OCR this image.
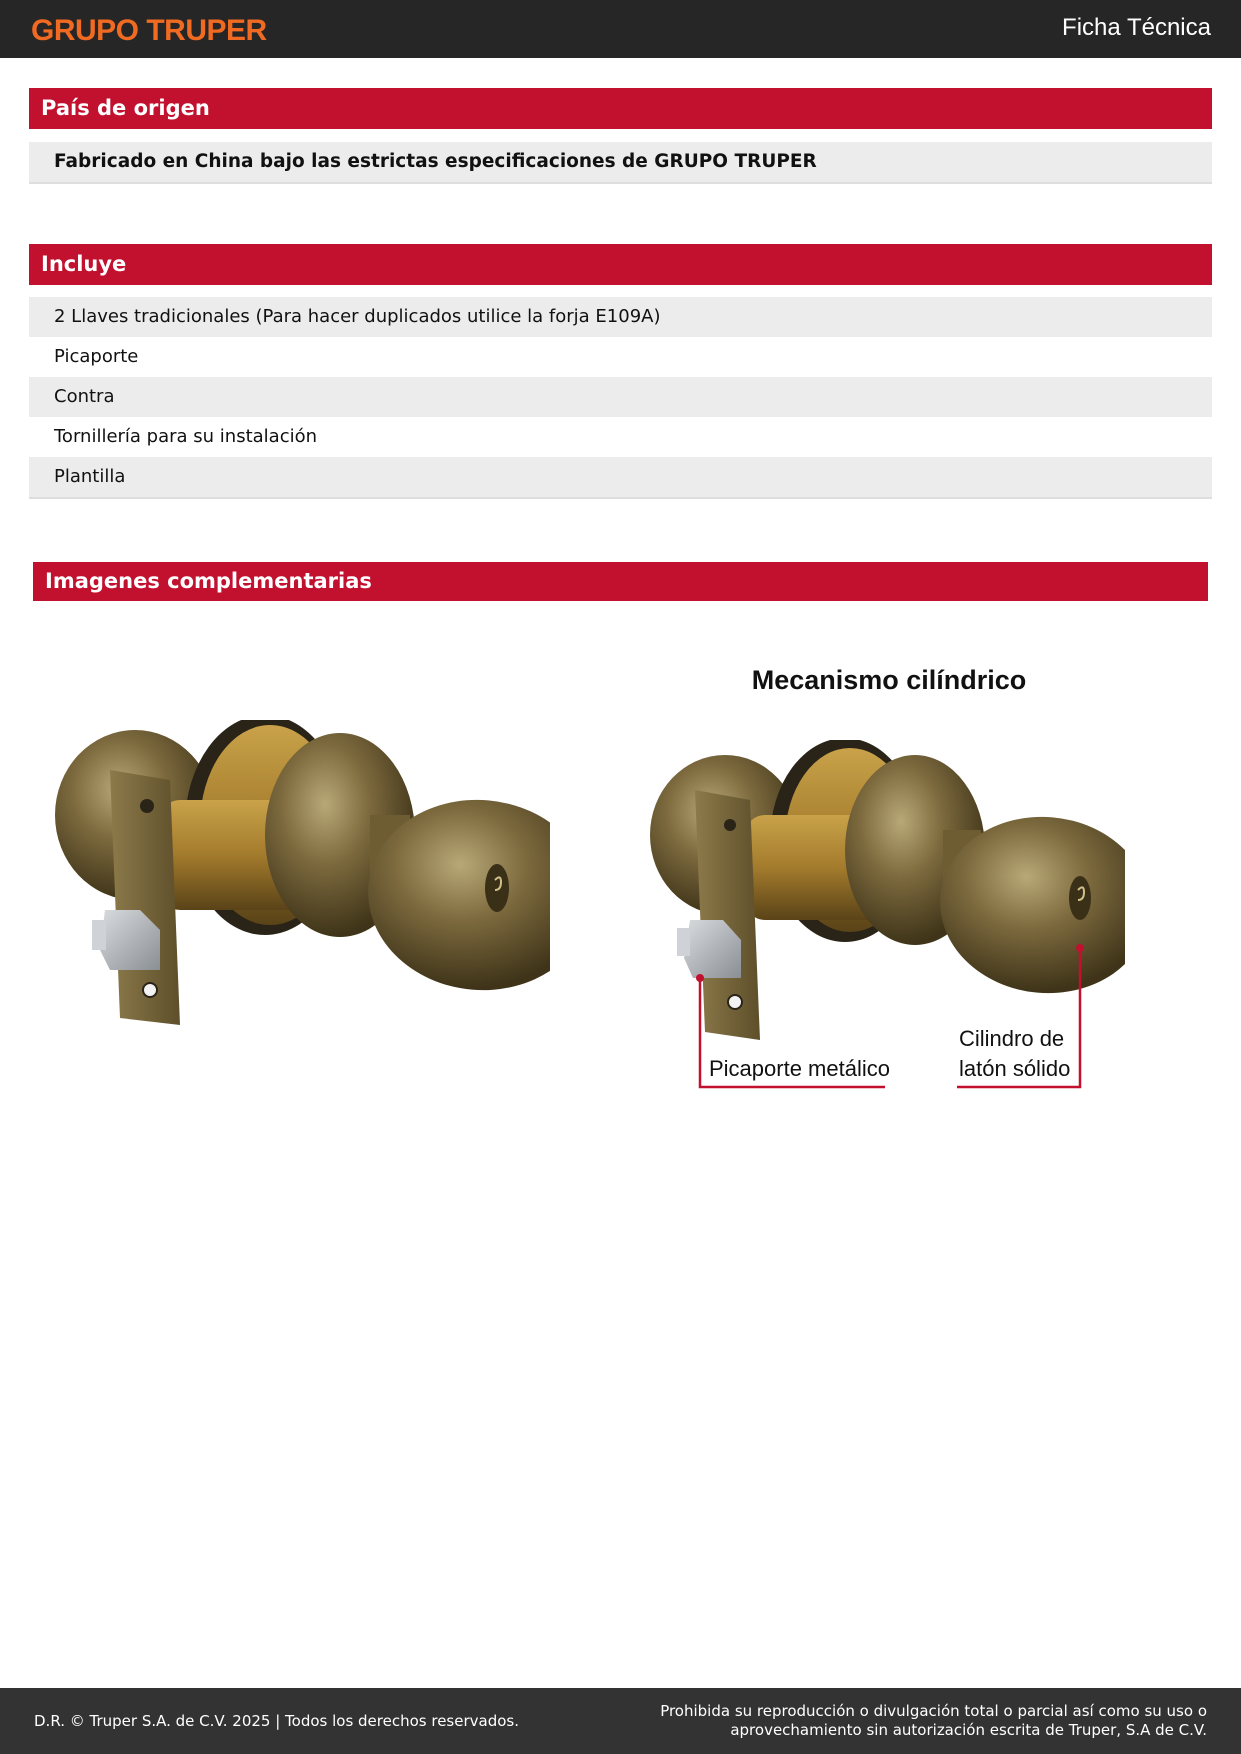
GRUPO TRUPER	Ficha Técnica
País de origen
Fabricado en China bajo las estrictas especificaciones de GRUPO TRUPER
Incluye
2 Llaves tradicionales (Para hacer duplicados utilice la forja E109A)
Picaporte
Contra
Tornillería para su instalación
Plantilla
Imagenes complementarias
Mecanismo cilíndrico
Picaporte metálico
Cilindro de
latón sólido
D.R. © Truper S.A. de C.V. 2025 | Todos los derechos reservados.
Prohibida su reproducción o divulgación total o parcial así como su uso o
aprovechamiento sin autorización escrita de Truper, S.A de C.V.
